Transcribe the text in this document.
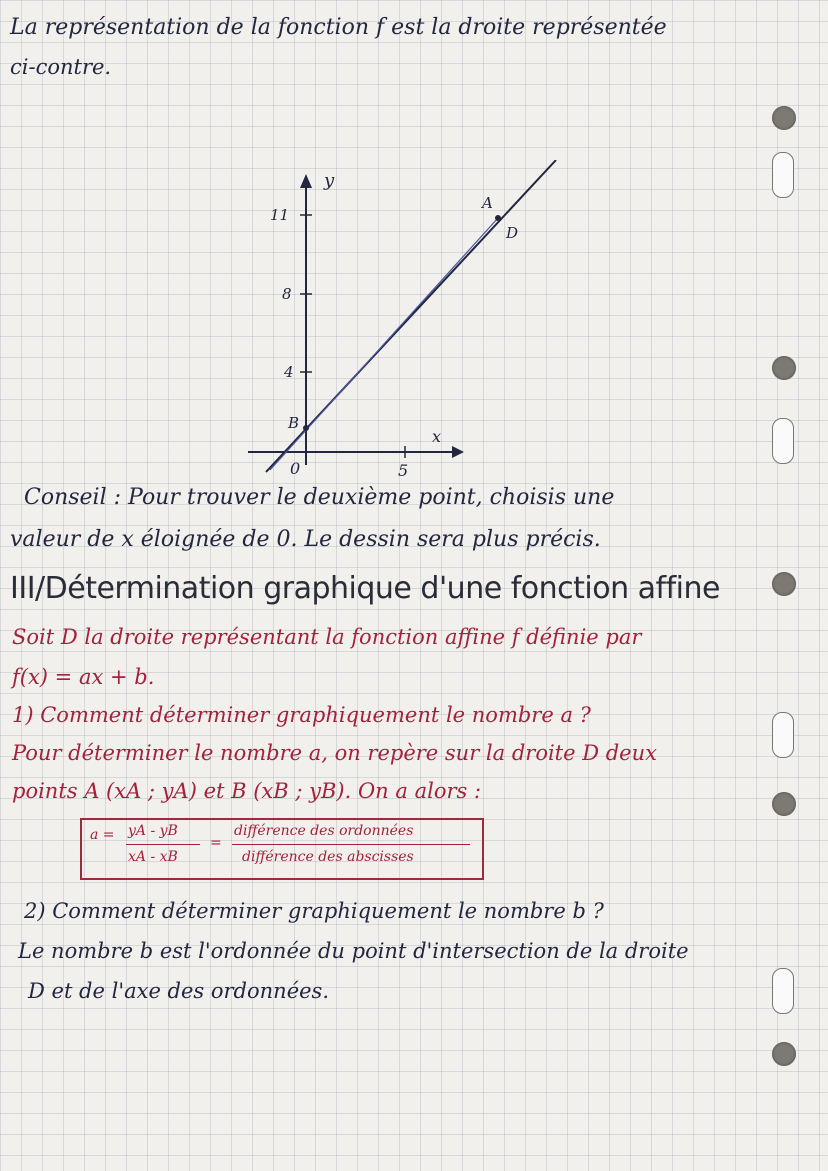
La représentation de la fonction f est la droite représentée
ci-contre.
y
x
11
8
4
5
0
A
B
D
Conseil : Pour trouver le deuxième point, choisis une
valeur de x éloignée de 0. Le dessin sera plus précis.
III/Détermination graphique d'une fonction affine
Soit D la droite représentant la fonction affine f définie par
f(x) = ax + b.
1) Comment déterminer graphiquement le nombre a ?
Pour déterminer le nombre a, on repère sur la droite D deux
points A (xA ; yA) et B (xB ; yB). On a alors :
a = yA - yB
xA - xB
=
différence des ordonnées
différence des abscisses
2) Comment déterminer graphiquement le nombre b ?
Le nombre b est l'ordonnée du point d'intersection de la droite
D et de l'axe des ordonnées.
